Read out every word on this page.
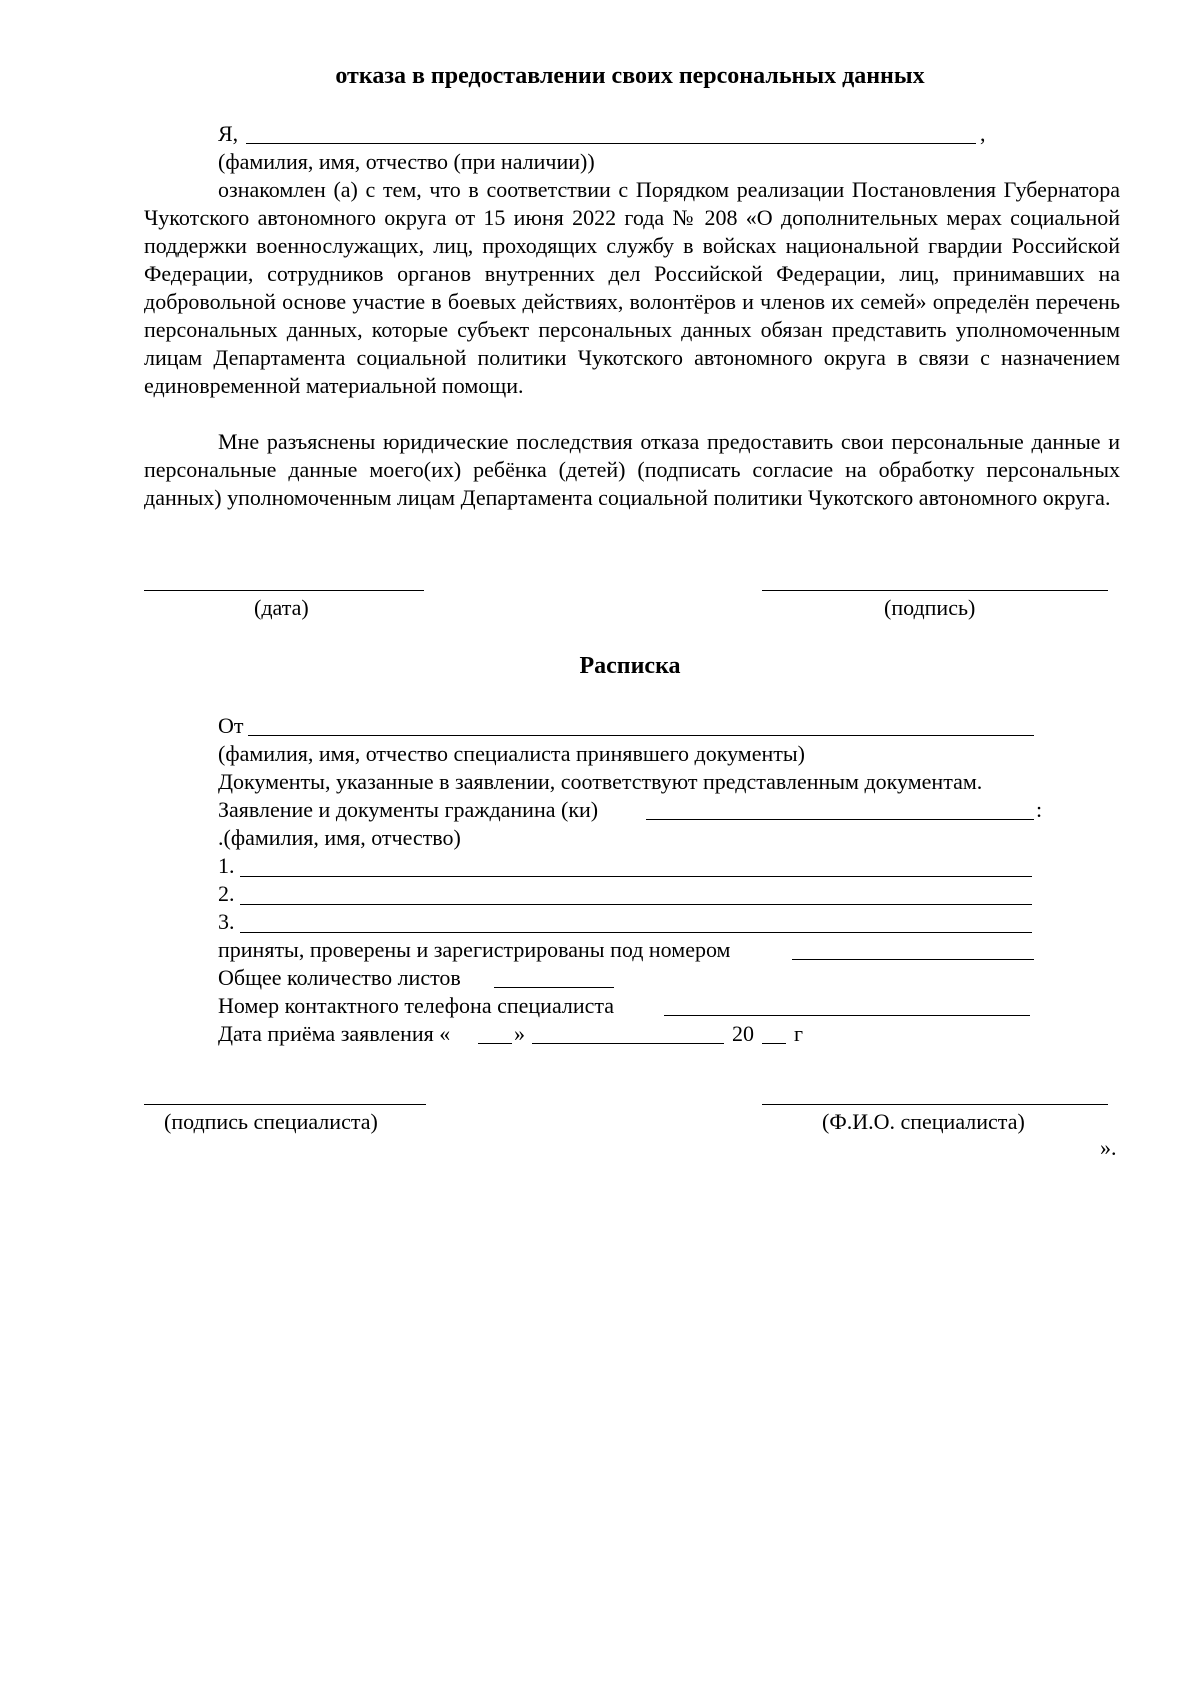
отказа в предоставлении своих персональных данных
Я,	,
(фамилия, имя, отчество (при наличии))
ознакомлен (а) с тем, что в соответствии с Порядком реализации Постановления Губернатора Чукотского автономного округа от 15 июня 2022 года № 208 «О дополнительных мерах социальной поддержки военнослужащих, лиц, проходящих службу в войсках национальной гвардии Российской Федерации, сотрудников органов внутренних дел Российской Федерации, лиц, принимавших на добровольной основе участие в боевых действиях, волонтёров и членов их семей» определён перечень персональных данных, которые субъект персональных данных обязан представить уполномоченным лицам Департамента социальной политики Чукотского автономного округа в связи с назначением единовременной материальной помощи.
Мне разъяснены юридические последствия отказа предоставить свои персональные данные и персональные данные моего(их) ребёнка (детей) (подписать согласие на обработку персональных данных) уполномоченным лицам Департамента социальной политики Чукотского автономного округа.
(дата)	(подпись)
Расписка
От
(фамилия, имя, отчество специалиста принявшего документы)
Документы, указанные в заявлении, соответствуют представленным документам.
Заявление и документы гражданина (ки)	:
.(фамилия, имя, отчество)
1.
2.
3.
приняты, проверены и зарегистрированы под номером
Общее количество листов
Номер контактного телефона специалиста
Дата приёма заявления «	»	20 г
(подпись специалиста)	(Ф.И.О. специалиста)
».
